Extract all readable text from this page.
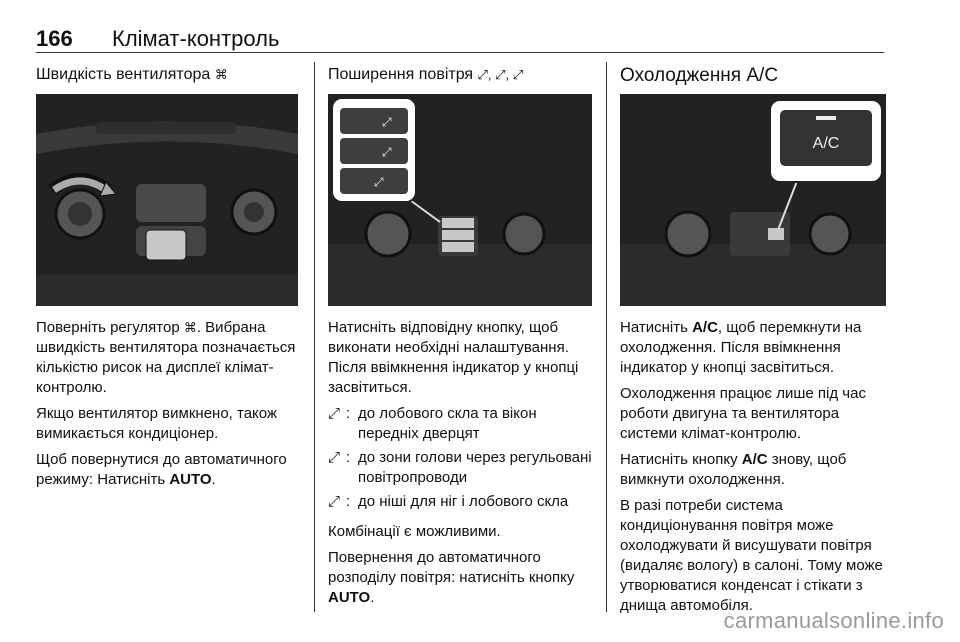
166 Клімат-контроль
Швидкість вентилятора ⌘

Поверніть регулятор ⌘. Вибрана швидкість вентилятора позначається кількістю рисок на дисплеї клімат-контролю.

Якщо вентилятор вимкнено, також вимикається кондиціонер.

Щоб повернутися до автоматичного режиму: Натисніть AUTO.

Поширення повітря ⤢, ⤢, ⤢
⤢
⤢
⤢

Натисніть відповідну кнопку, щоб виконати необхідні налаштування. Після ввімкнення індикатор у кнопці засвітиться.

⤢ : до лобового скла та вікон передніх дверцят
⤢ : до зони голови через регульовані повітропроводи
⤢ : до ніші для ніг і лобового скла

Комбінації є можливими.

Повернення до автоматичного розподілу повітря: натисніть кнопку AUTO.

Охолодження A/C
A/C

Натисніть A/C, щоб перемкнути на охолодження. Після ввімкнення індикатор у кнопці засвітиться.

Охолодження працює лише під час роботи двигуна та вентилятора системи клімат-контролю.

Натисніть кнопку A/C знову, щоб вимкнути охолодження.

В разі потреби система кондиціонування повітря може охолоджувати й висушувати повітря (видаляє вологу) в салоні. Тому може утворюватися конденсат і стікати з днища автомобіля.

carmanualsonline.info
